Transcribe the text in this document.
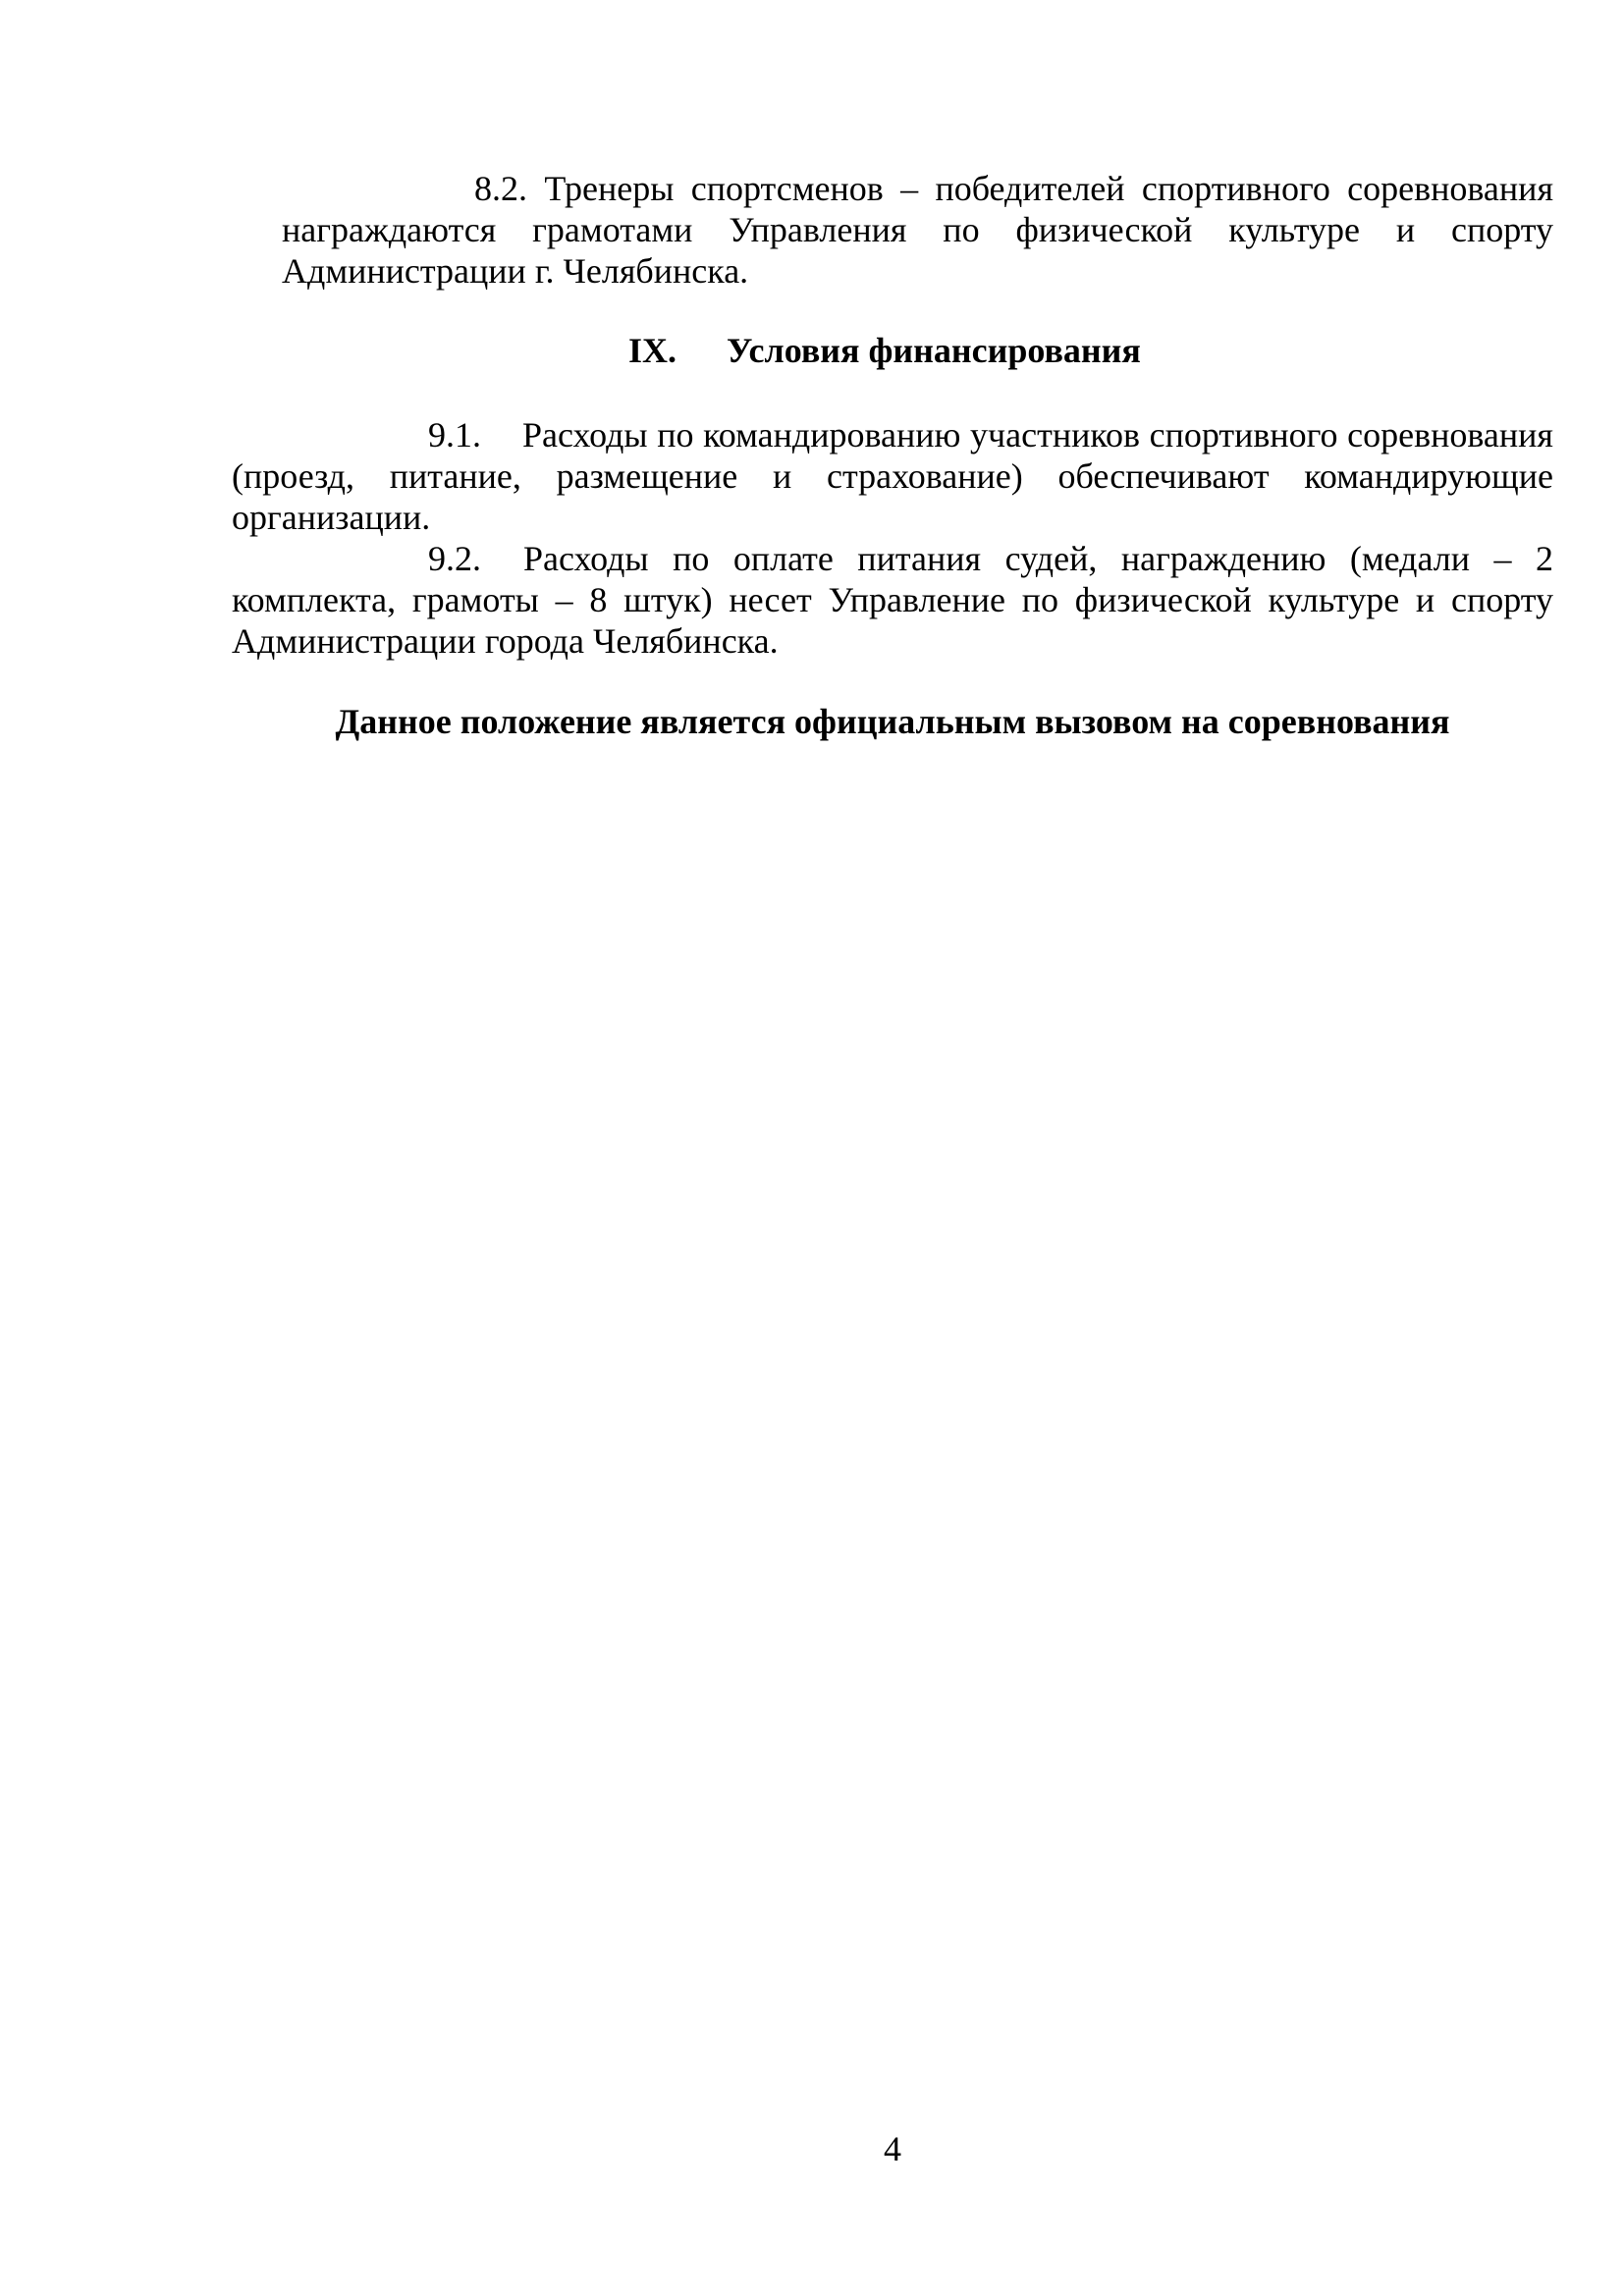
8.2. Тренеры спортсменов – победителей спортивного соревнования награждаются грамотами Управления по физической культуре и спорту Администрации г. Челябинска.

IX. Условия финансирования

9.1. Расходы по командированию участников спортивного соревнования (проезд, питание, размещение и страхование) обеспечивают командирующие организации.

9.2. Расходы по оплате питания судей, награждению (медали – 2 комплекта, грамоты – 8 штук) несет Управление по физической культуре и спорту Администрации города Челябинска.

Данное положение является официальным вызовом на соревнования

4
